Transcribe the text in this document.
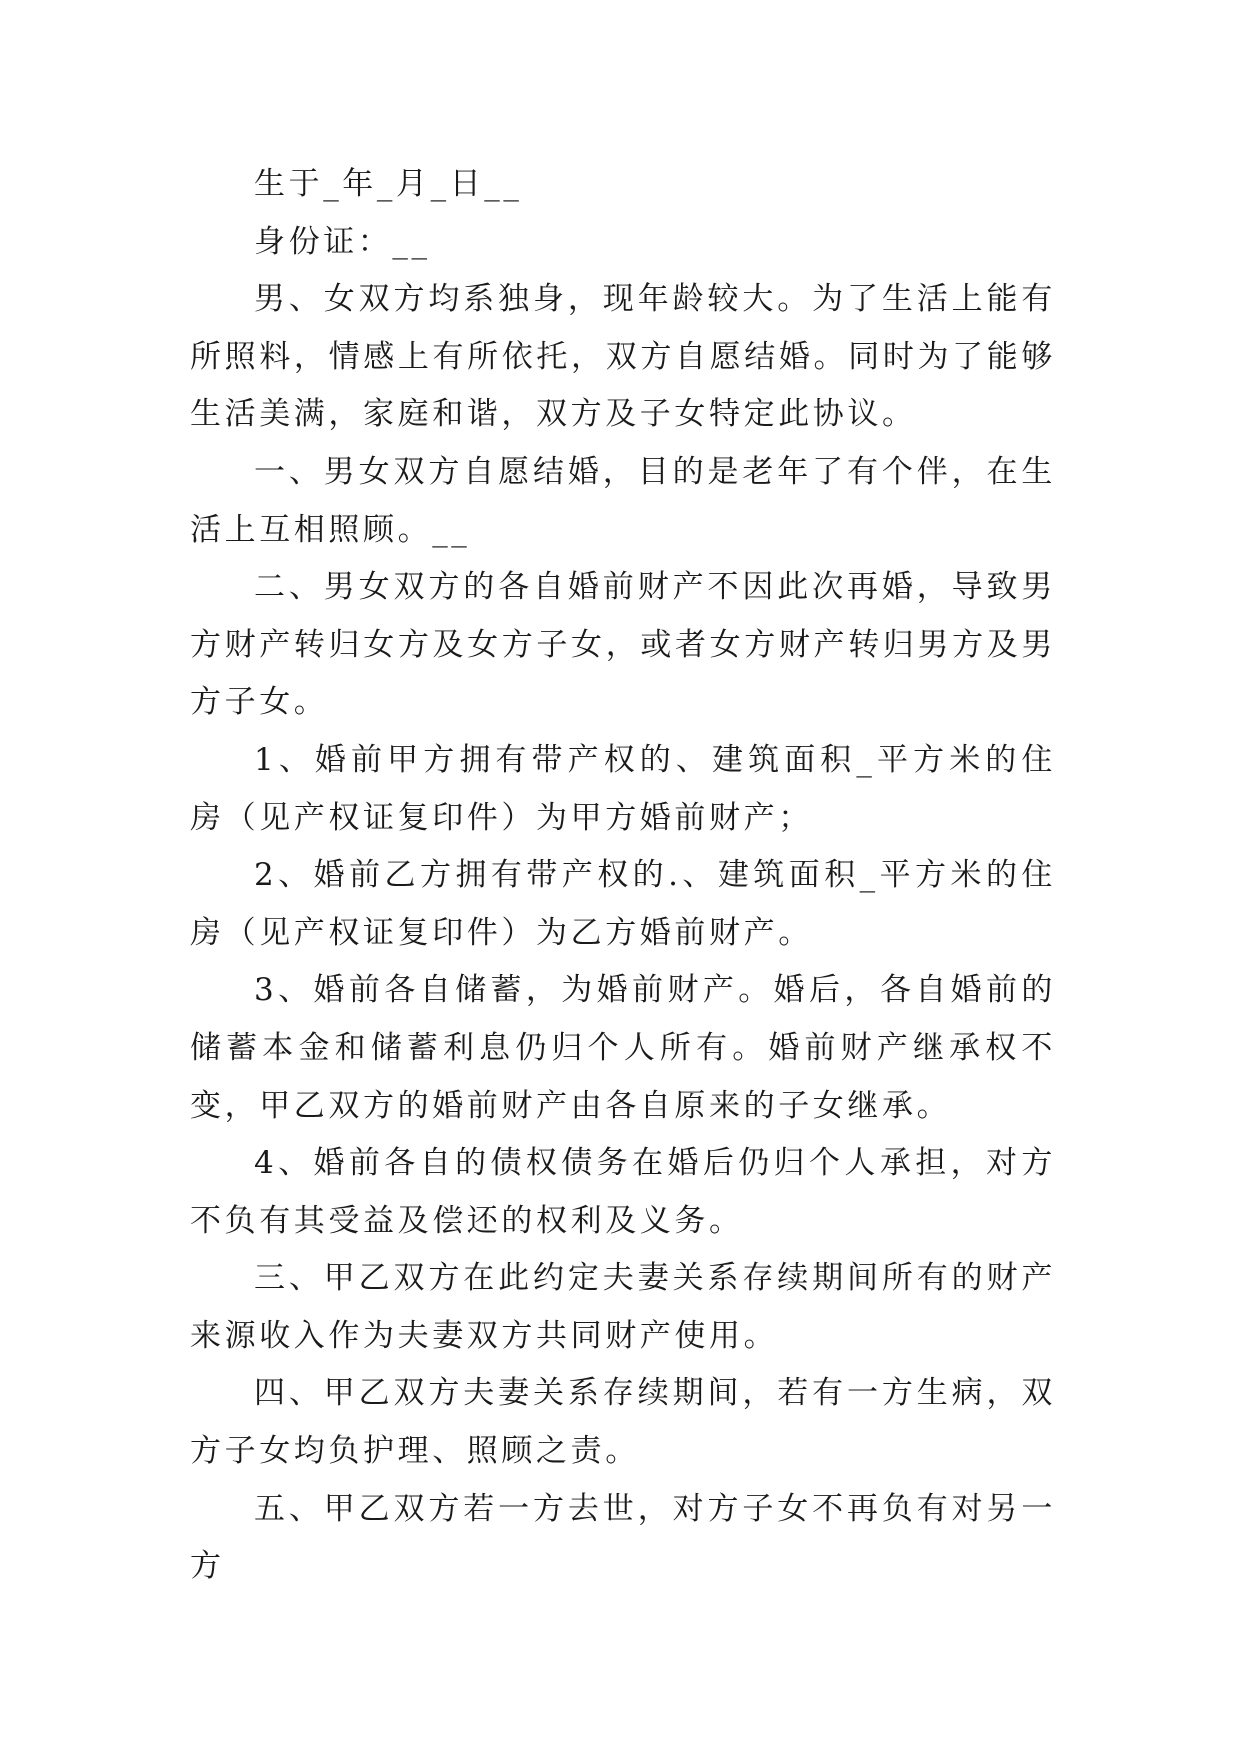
生于_年_月_日__

身份证：__

男、女双方均系独身，现年龄较大。为了生活上能有所照料，情感上有所依托，双方自愿结婚。同时为了能够生活美满，家庭和谐，双方及子女特定此协议。

一、男女双方自愿结婚，目的是老年了有个伴，在生活上互相照顾。__

二、男女双方的各自婚前财产不因此次再婚，导致男方财产转归女方及女方子女，或者女方财产转归男方及男方子女。

1、婚前甲方拥有带产权的、建筑面积_平方米的住房（见产权证复印件）为甲方婚前财产；

2、婚前乙方拥有带产权的.、建筑面积_平方米的住房（见产权证复印件）为乙方婚前财产。

3、婚前各自储蓄，为婚前财产。婚后，各自婚前的储蓄本金和储蓄利息仍归个人所有。婚前财产继承权不变，甲乙双方的婚前财产由各自原来的子女继承。

4、婚前各自的债权债务在婚后仍归个人承担，对方不负有其受益及偿还的权利及义务。

三、甲乙双方在此约定夫妻关系存续期间所有的财产来源收入作为夫妻双方共同财产使用。

四、甲乙双方夫妻关系存续期间，若有一方生病，双方子女均负护理、照顾之责。

五、甲乙双方若一方去世，对方子女不再负有对另一方
